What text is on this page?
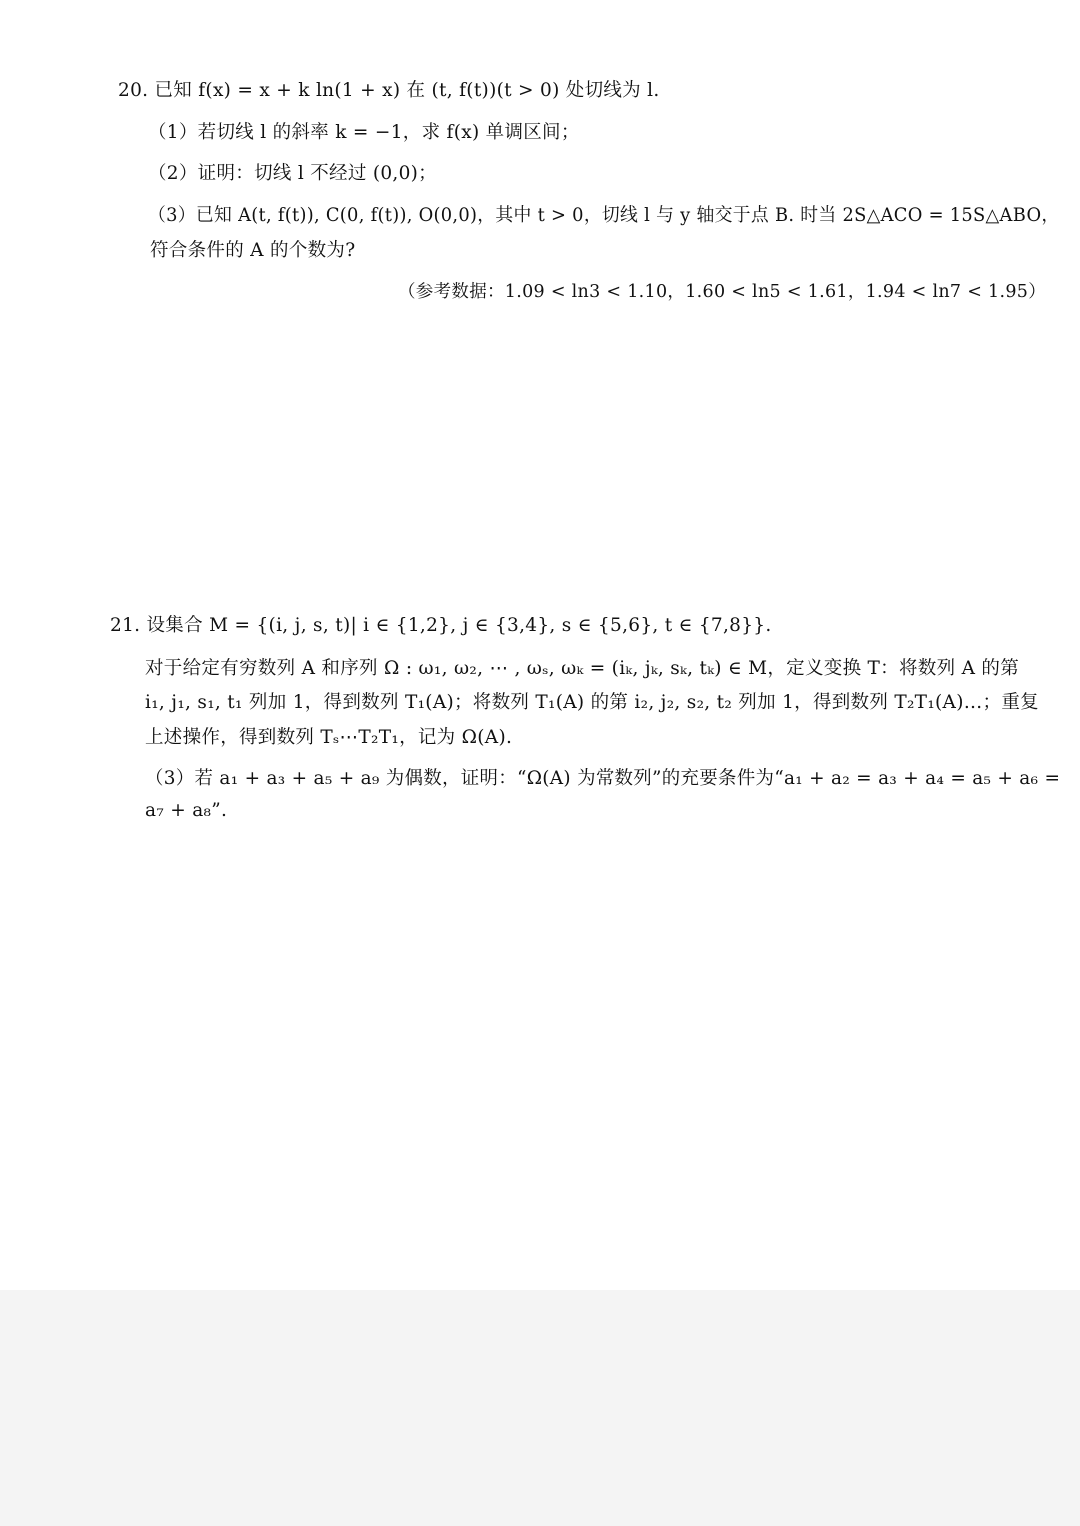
20. 已知 f(x) = x + k ln(1 + x) 在 (t, f(t))(t > 0) 处切线为 l.
（1）若切线 l 的斜率 k = −1，求 f(x) 单调区间；
（2）证明：切线 l 不经过 (0,0)；
（3）已知 A(t, f(t)), C(0, f(t)), O(0,0)，其中 t > 0，切线 l 与 y 轴交于点 B. 时当 2S△ACO = 15S△ABO，
符合条件的 A 的个数为?
（参考数据：1.09 < ln3 < 1.10，1.60 < ln5 < 1.61，1.94 < ln7 < 1.95）
21. 设集合 M = {(i, j, s, t)| i ∈ {1,2}, j ∈ {3,4}, s ∈ {5,6}, t ∈ {7,8}}.
对于给定有穷数列 A 和序列 Ω : ω₁, ω₂, ⋯ , ωₛ, ωₖ = (iₖ, jₖ, sₖ, tₖ) ∈ M，定义变换 T：将数列 A 的第
i₁, j₁, s₁, t₁ 列加 1，得到数列 T₁(A)；将数列 T₁(A) 的第 i₂, j₂, s₂, t₂ 列加 1，得到数列 T₂T₁(A)…；重复
上述操作，得到数列 Tₛ⋯T₂T₁，记为 Ω(A).
（3）若 a₁ + a₃ + a₅ + a₉ 为偶数，证明：“Ω(A) 为常数列”的充要条件为“a₁ + a₂ = a₃ + a₄ = a₅ + a₆ =
a₇ + a₈”.
